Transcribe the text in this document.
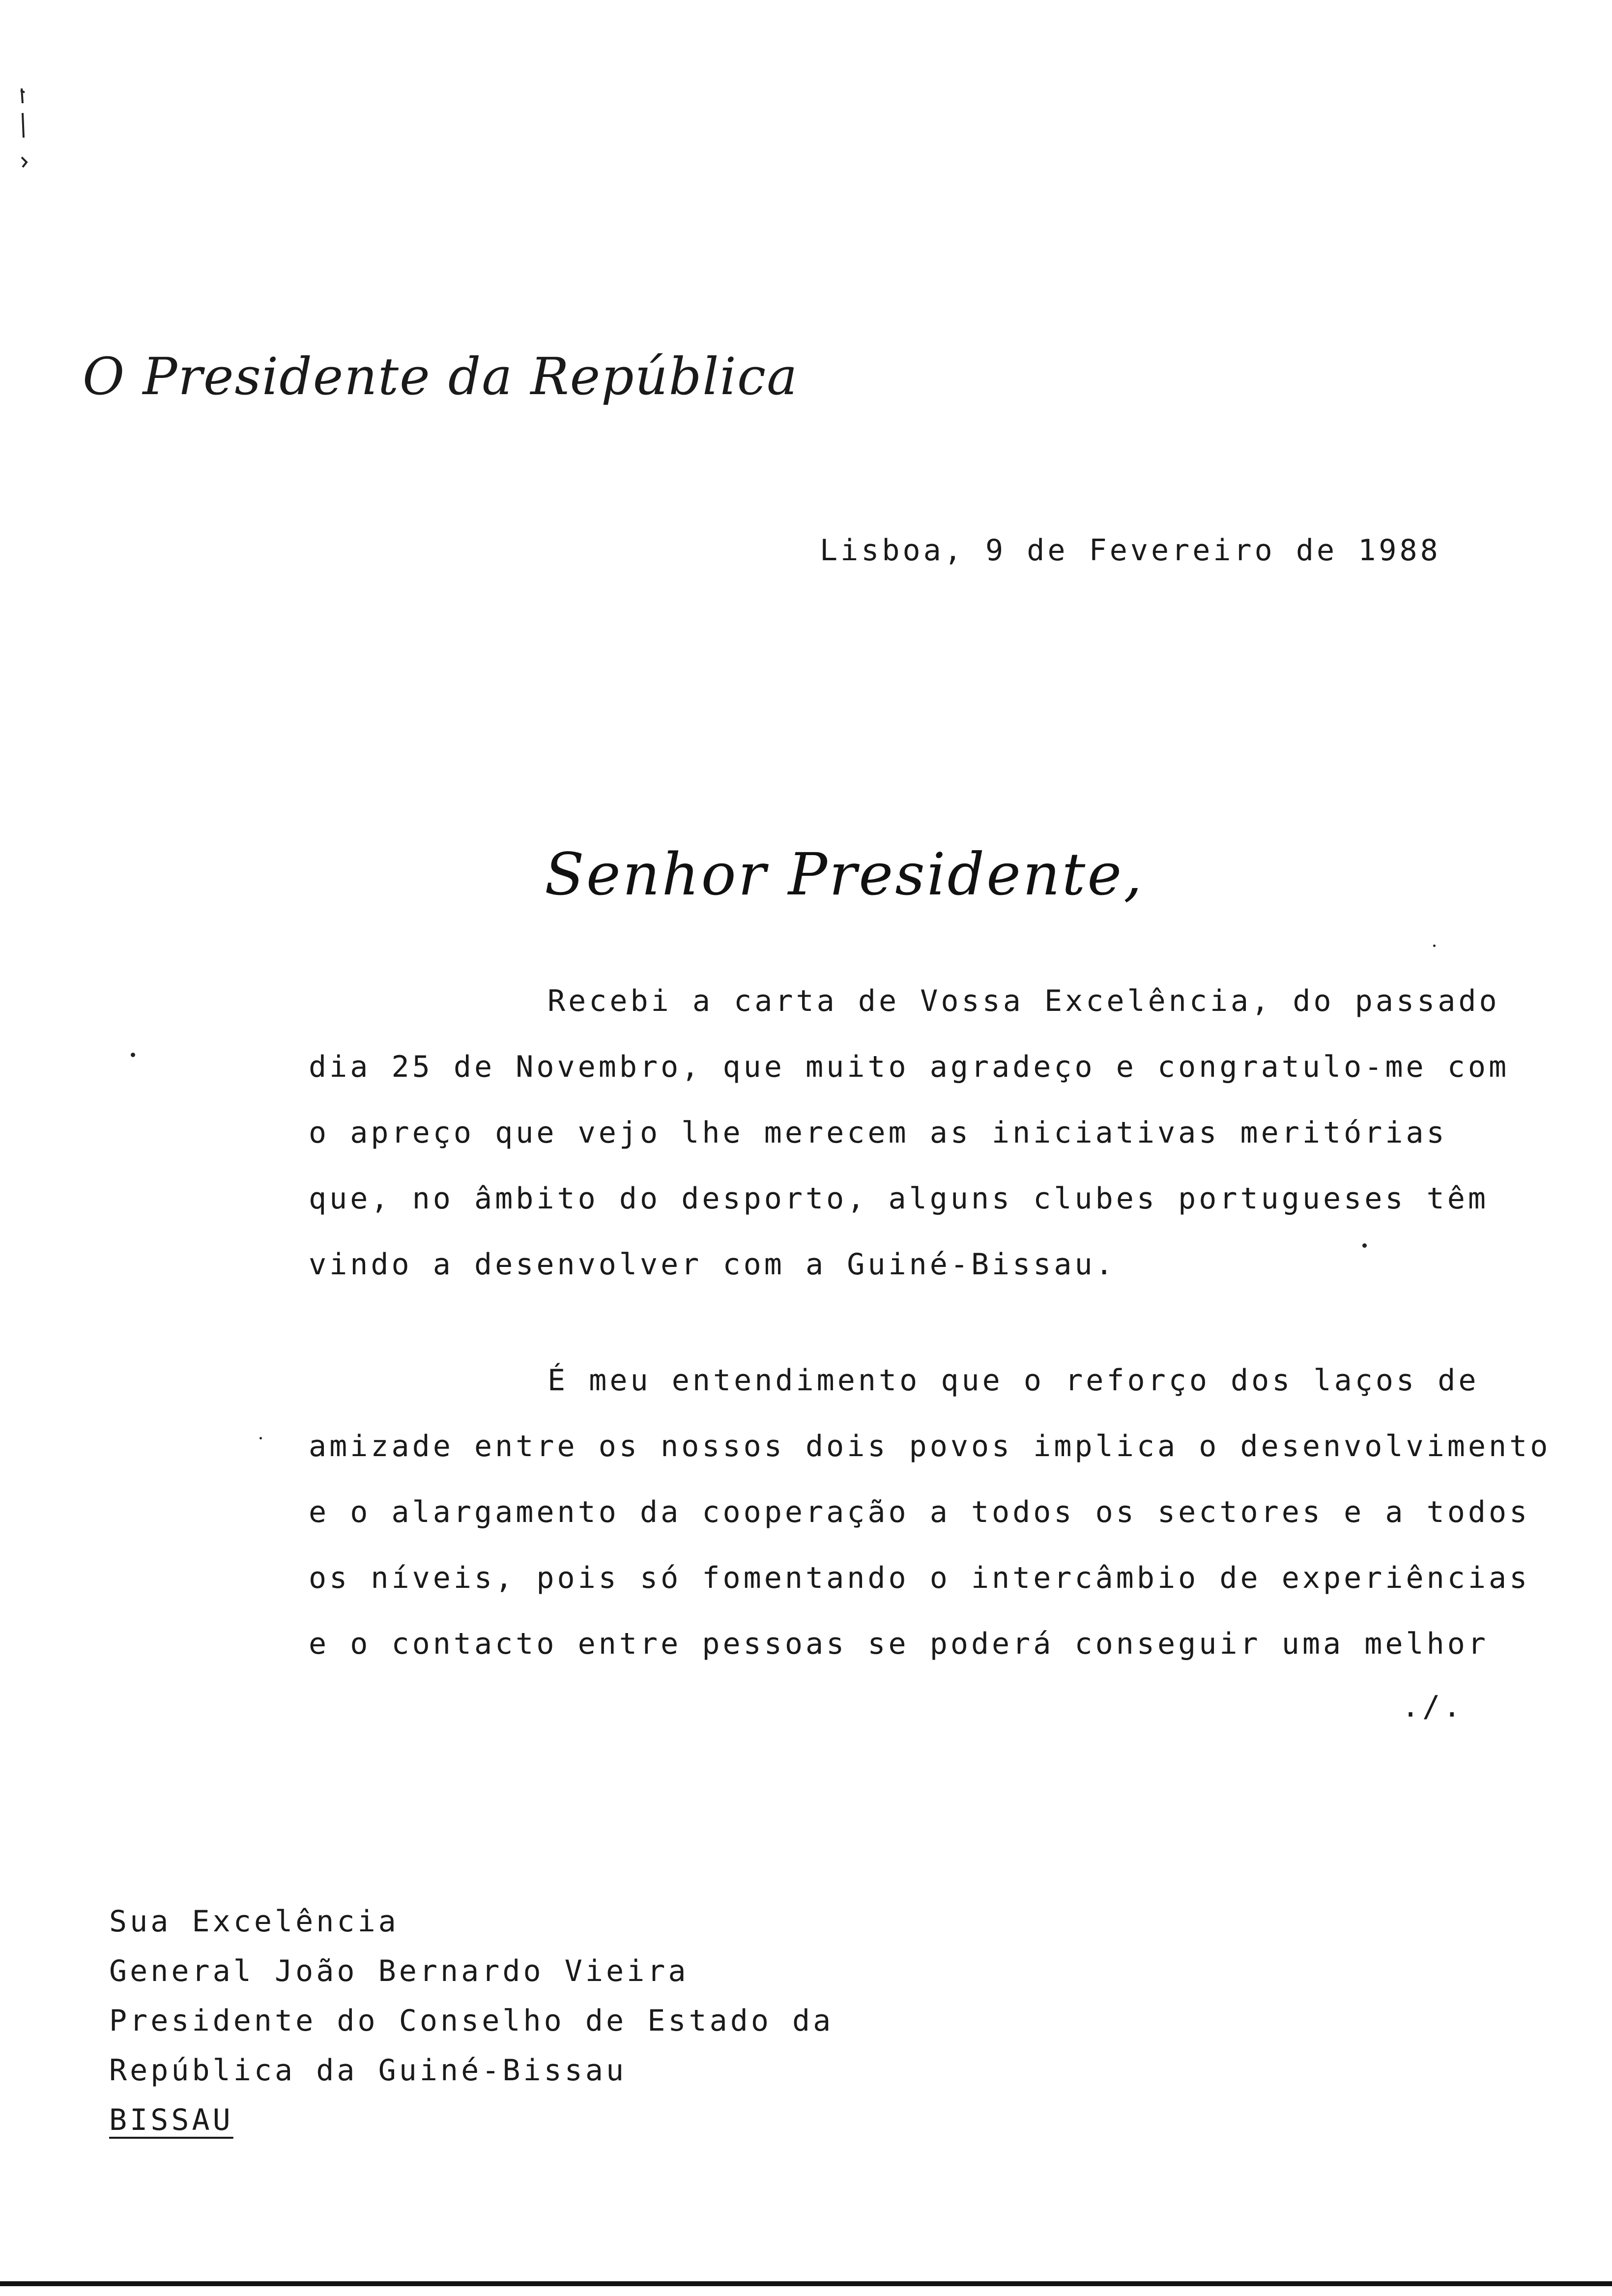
O Presidente da República
Lisboa, 9 de Fevereiro de 1988
Senhor Presidente,
Recebi a carta de Vossa Excelência, do passado
dia 25 de Novembro, que muito agradeço e congratulo-me com
o apreço que vejo lhe merecem as iniciativas meritórias
que, no âmbito do desporto, alguns clubes portugueses têm
vindo a desenvolver com a Guiné-Bissau.
É meu entendimento que o reforço dos laços de
amizade entre os nossos dois povos implica o desenvolvimento
e o alargamento da cooperação a todos os sectores e a todos
os níveis, pois só fomentando o intercâmbio de experiências
e o contacto entre pessoas se poderá conseguir uma melhor
./.
Sua Excelência
General João Bernardo Vieira
Presidente do Conselho de Estado da
República da Guiné-Bissau
BISSAU
